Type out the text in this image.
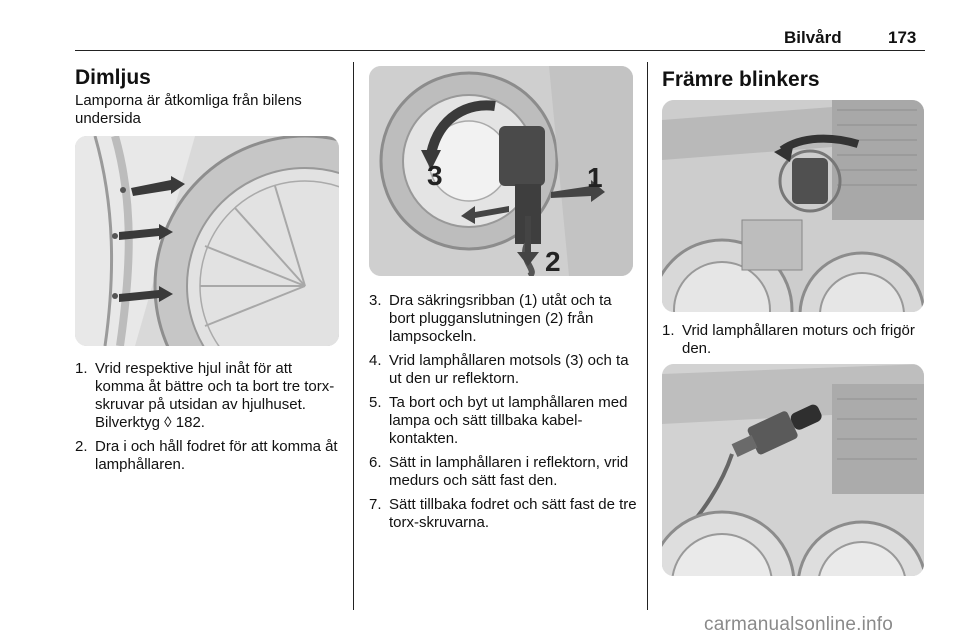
Bilvård	173
Dimljus
Lamporna är åtkomliga från bilens undersida
1. Vrid respektive hjul inåt för att komma åt bättre och ta bort tre torx-skruvar på utsidan av hjulhuset. Bilverktyg ◊ 182.
2. Dra i och håll fodret för att komma åt lamphållaren.
3	1
2
3. Dra säkringsribban (1) utåt och ta bort plugganslutningen (2) från lampsockeln.
4. Vrid lamphållaren motsols (3) och ta ut den ur reflektorn.
5. Ta bort och byt ut lamphållaren med lampa och sätt tillbaka kabelkontakten.
6. Sätt in lamphållaren i reflektorn, vrid medurs och sätt fast den.
7. Sätt tillbaka fodret och sätt fast de tre torx-skruvarna.
Främre blinkers
1. Vrid lamphållaren moturs och frigör den.
carmanualsonline.info
